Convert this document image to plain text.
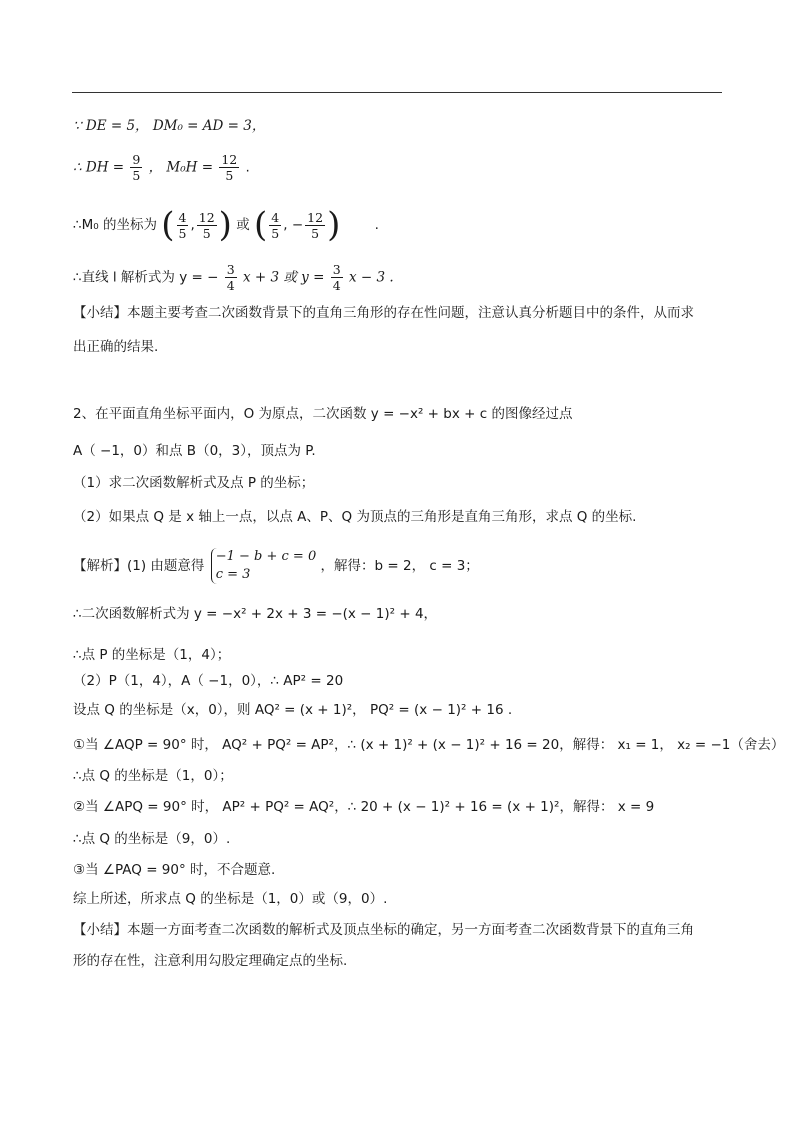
∵ DE = 5， DM₀ = AD = 3，
∴ DH = $\frac{9}{5}$ ， $M_0H = \frac{12}{5}$ .
∴M₀ 的坐标为 ( $\frac{4}{5}$ , $\frac{12}{5}$ ) 或 ( $\frac{4}{5}$ , − $\frac{12}{5}$ )	.
∴直线 l 解析式为 y = − $\frac{3}{4}$ x + 3 或 $y = \frac{3}{4}$ x − 3 .
【小结】本题主要考查二次函数背景下的直角三角形的存在性问题，注意认真分析题目中的条件，从而求
出正确的结果.
2、在平面直角坐标平面内，O 为原点，二次函数 y = −x² + bx + c 的图像经过点
A（ −1，0）和点 B（0，3），顶点为 P.
（1）求二次函数解析式及点 P 的坐标；
（2）如果点 Q 是 x 轴上一点，以点 A、P、Q 为顶点的三角形是直角三角形，求点 Q 的坐标.
【解析】(1) 由题意得
−1 − b + c = 0
c = 3
，解得：b = 2， c = 3；
∴二次函数解析式为 y = −x² + 2x + 3 = −(x − 1)² + 4，
∴点 P 的坐标是（1，4）；
（2）P（1，4），A（ −1，0），∴ AP² = 20
设点 Q 的坐标是（x，0），则 AQ² = (x + 1)²， PQ² = (x − 1)² + 16 .
①当 ∠AQP = 90° 时， AQ² + PQ² = AP²，∴ (x + 1)² + (x − 1)² + 16 = 20，解得： x₁ = 1， x₂ = −1（舍去）
∴点 Q 的坐标是（1，0）；
②当 ∠APQ = 90° 时， AP² + PQ² = AQ²，∴ 20 + (x − 1)² + 16 = (x + 1)²，解得： x = 9
∴点 Q 的坐标是（9，0）.
③当 ∠PAQ = 90° 时，不合题意.
综上所述，所求点 Q 的坐标是（1，0）或（9，0）.
【小结】本题一方面考查二次函数的解析式及顶点坐标的确定，另一方面考查二次函数背景下的直角三角
形的存在性，注意利用勾股定理确定点的坐标.
